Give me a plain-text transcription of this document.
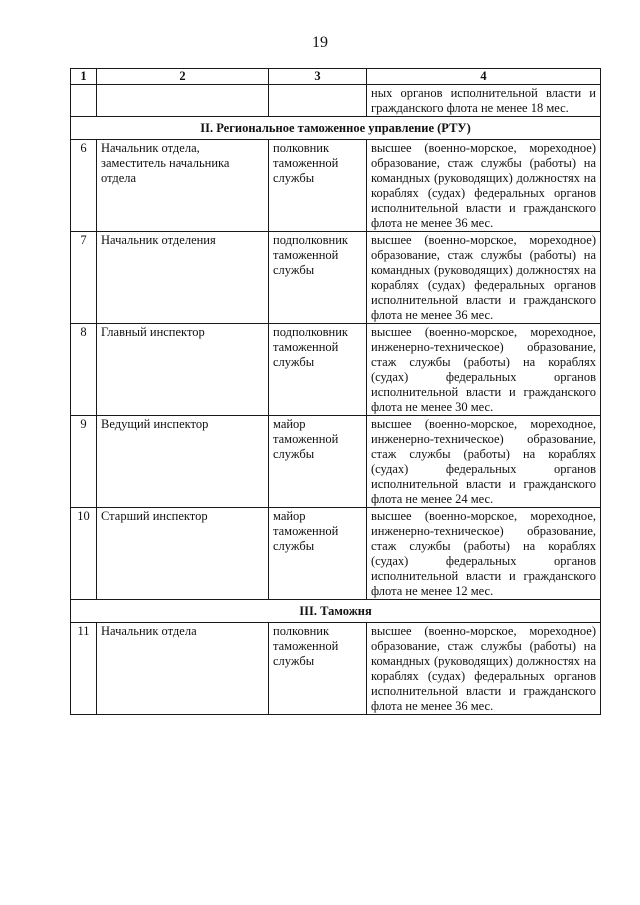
19
1	2	3	4
			ных органов исполнительной власти и гражданского флота не менее 18 мес.
II. Региональное таможенное управление (РТУ)			
6	Начальник отдела, заместитель начальника отдела	полковник таможенной службы	высшее (военно-морское, мореходное) образование, стаж службы (работы) на командных (руководящих) должностях на кораблях (судах) федеральных органов исполнительной власти и гражданского флота не менее 36 мес.
7	Начальник отделения	подполковник таможенной службы	высшее (военно-морское, мореходное) образование, стаж службы (работы) на командных (руководящих) должностях на кораблях (судах) федеральных органов исполнительной власти и гражданского флота не менее 36 мес.
8	Главный инспектор	подполковник таможенной службы	высшее (военно-морское, мореходное, инженерно-техническое) образование, стаж службы (работы) на кораблях (судах) федеральных органов исполнительной власти и гражданского флота не менее 30 мес.
9	Ведущий инспектор	майор таможенной службы	высшее (военно-морское, мореходное, инженерно-техническое) образование, стаж службы (работы) на кораблях (судах) федеральных органов исполнительной власти и гражданского флота не менее 24 мес.
10	Старший инспектор	майор таможенной службы	высшее (военно-морское, мореходное, инженерно-техническое) образование, стаж службы (работы) на кораблях (судах) федеральных органов исполнительной власти и гражданского флота не менее 12 мес.
III. Таможня			
11	Начальник отдела	полковник таможенной службы	высшее (военно-морское, мореходное) образование, стаж службы (работы) на командных (руководящих) должностях на кораблях (судах) федеральных органов исполнительной власти и гражданского флота не менее 36 мес.
